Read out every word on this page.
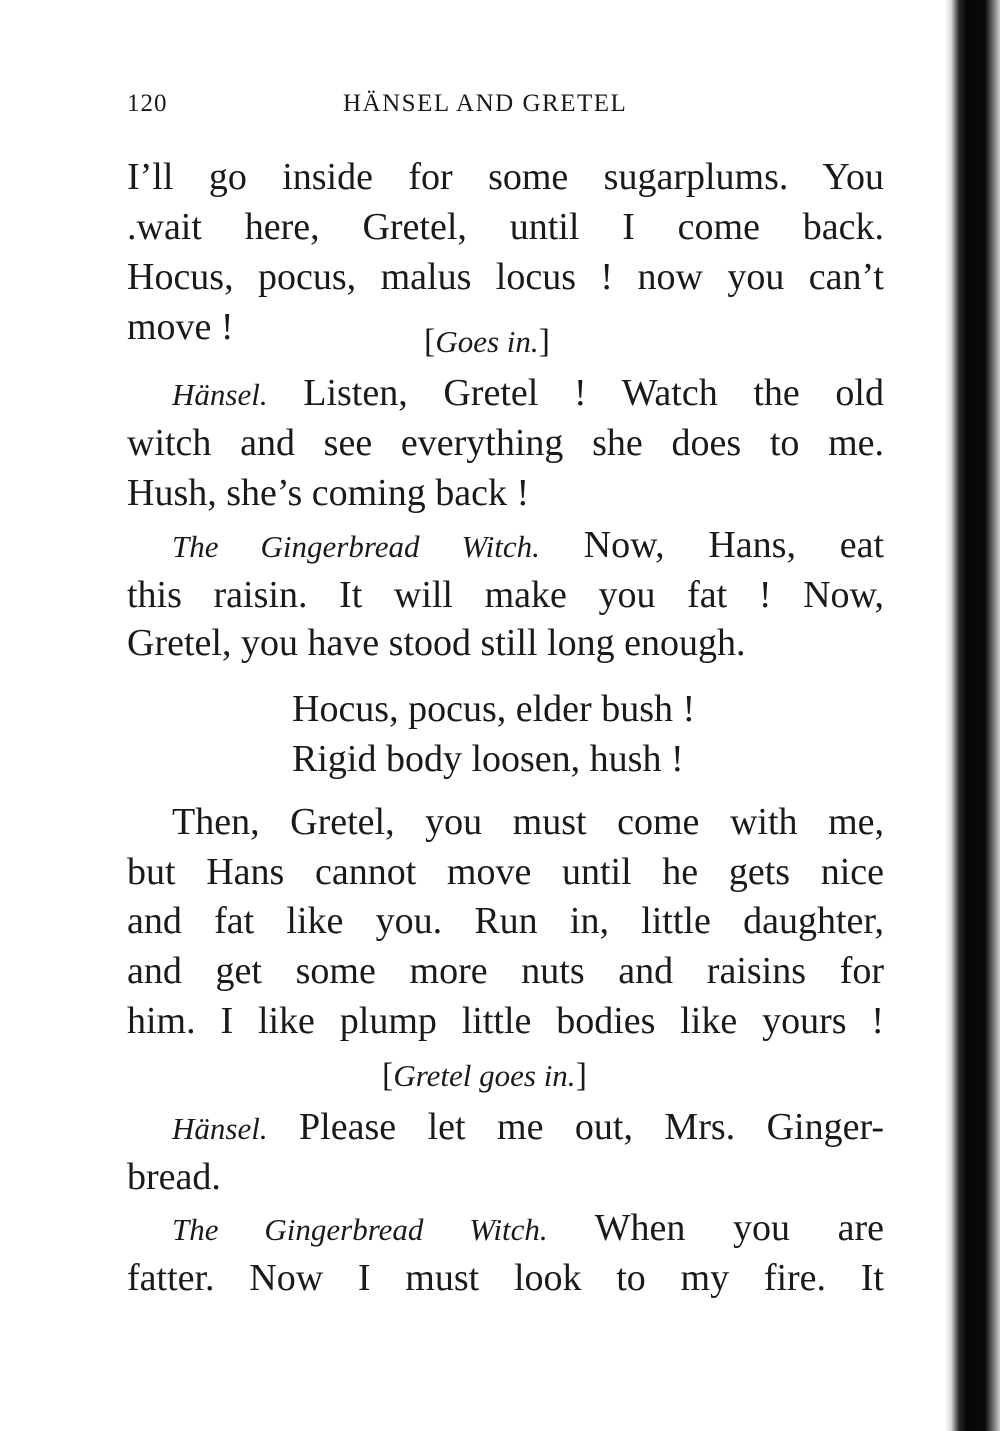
120	HÄNSEL AND GRETEL
I’ll go inside for some sugarplums. You
.wait here, Gretel, until I come back.
Hocus, pocus, malus locus ! now you can’t
move !	[Goes in.]
Hänsel. Listen, Gretel ! Watch the old
witch and see everything she does to me.
Hush, she’s coming back !
The Gingerbread Witch. Now, Hans, eat
this raisin. It will make you fat ! Now,
Gretel, you have stood still long enough.
Hocus, pocus, elder bush !
Rigid body loosen, hush !
Then, Gretel, you must come with me,
but Hans cannot move until he gets nice
and fat like you. Run in, little daughter,
and get some more nuts and raisins for
him. I like plump little bodies like yours !
[Gretel goes in.]
Hänsel. Please let me out, Mrs. Ginger-
bread.
The Gingerbread Witch. When you are
fatter. Now I must look to my fire. It
